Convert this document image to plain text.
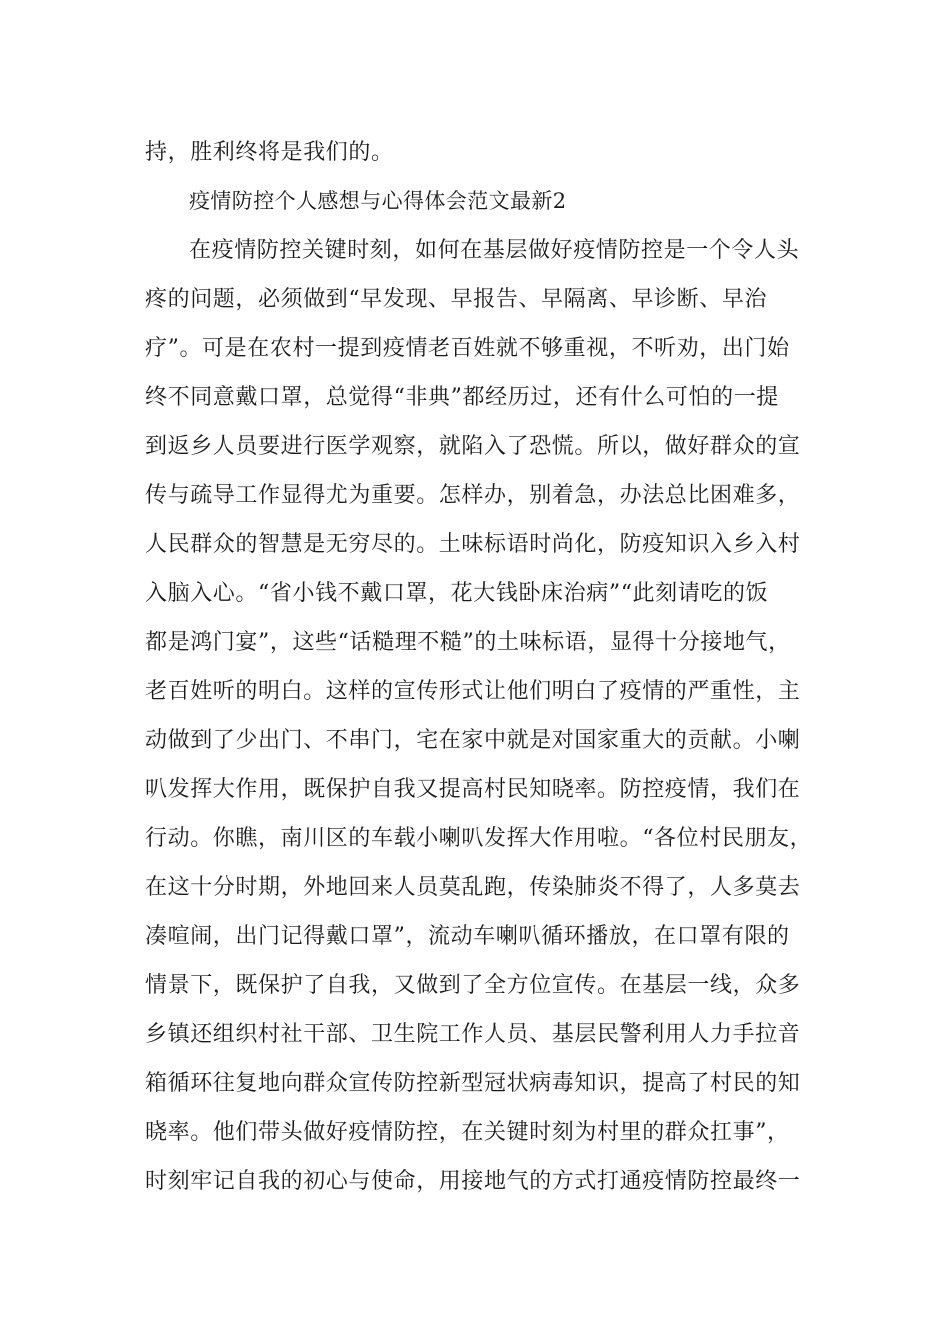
持，胜利终将是我们的。
疫情防控个人感想与心得体会范文最新2
在疫情防控关键时刻，如何在基层做好疫情防控是一个令人头
疼的问题，必须做到“早发现、早报告、早隔离、早诊断、早治
疗”。可是在农村一提到疫情老百姓就不够重视，不听劝，出门始
终不同意戴口罩，总觉得“非典”都经历过，还有什么可怕的一提
到返乡人员要进行医学观察，就陷入了恐慌。所以，做好群众的宣
传与疏导工作显得尤为重要。怎样办，别着急，办法总比困难多，
人民群众的智慧是无穷尽的。土味标语时尚化，防疫知识入乡入村
入脑入心。“省小钱不戴口罩，花大钱卧床治病”“此刻请吃的饭
都是鸿门宴”，这些“话糙理不糙”的土味标语，显得十分接地气，
老百姓听的明白。这样的宣传形式让他们明白了疫情的严重性，主
动做到了少出门、不串门，宅在家中就是对国家重大的贡献。小喇
叭发挥大作用，既保护自我又提高村民知晓率。防控疫情，我们在
行动。你瞧，南川区的车载小喇叭发挥大作用啦。“各位村民朋友，
在这十分时期，外地回来人员莫乱跑，传染肺炎不得了，人多莫去
凑喧闹，出门记得戴口罩”，流动车喇叭循环播放，在口罩有限的
情景下，既保护了自我，又做到了全方位宣传。在基层一线，众多
乡镇还组织村社干部、卫生院工作人员、基层民警利用人力手拉音
箱循环往复地向群众宣传防控新型冠状病毒知识，提高了村民的知
晓率。他们带头做好疫情防控，在关键时刻为村里的群众扛事”，
时刻牢记自我的初心与使命，用接地气的方式打通疫情防控最终一
